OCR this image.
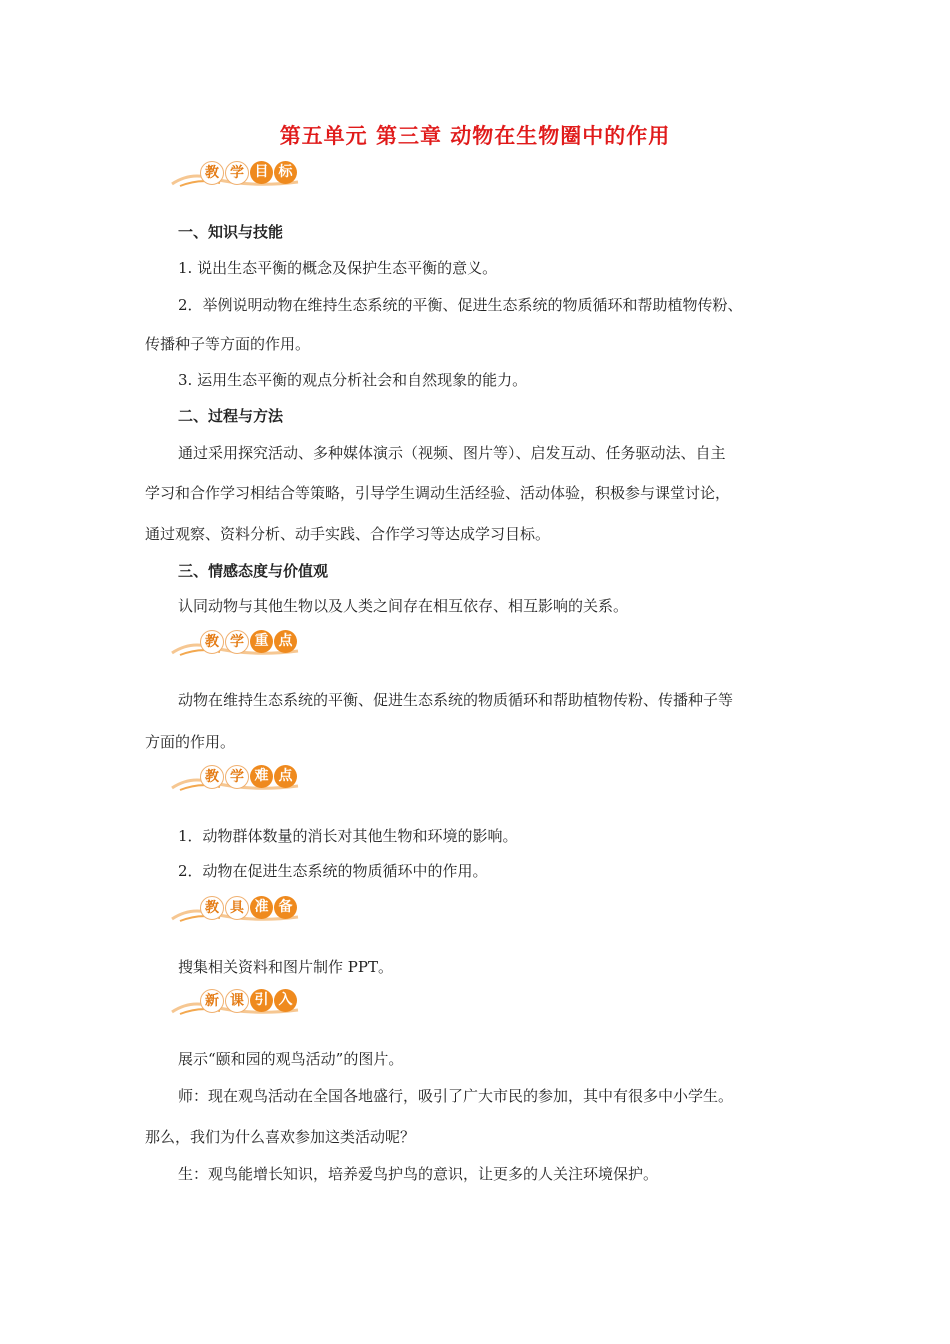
第五单元 第三章 动物在生物圈中的作用
教 学 目 标
一、知识与技能
1. 说出生态平衡的概念及保护生态平衡的意义。
2．举例说明动物在维持生态系统的平衡、促进生态系统的物质循环和帮助植物传粉、
传播种子等方面的作用。
3. 运用生态平衡的观点分析社会和自然现象的能力。
二、过程与方法
通过采用探究活动、多种媒体演示（视频、图片等）、启发互动、任务驱动法、自主
学习和合作学习相结合等策略，引导学生调动生活经验、活动体验，积极参与课堂讨论，
通过观察、资料分析、动手实践、合作学习等达成学习目标。
三、情感态度与价值观
认同动物与其他生物以及人类之间存在相互依存、相互影响的关系。
教 学 重 点
动物在维持生态系统的平衡、促进生态系统的物质循环和帮助植物传粉、传播种子等
方面的作用。
教 学 难 点
1．动物群体数量的消长对其他生物和环境的影响。
2．动物在促进生态系统的物质循环中的作用。
教 具 准 备
搜集相关资料和图片制作 PPT。
新 课 引 入
展示“颐和园的观鸟活动”的图片。
师：现在观鸟活动在全国各地盛行，吸引了广大市民的参加，其中有很多中小学生。
那么，我们为什么喜欢参加这类活动呢？
生：观鸟能增长知识，培养爱鸟护鸟的意识，让更多的人关注环境保护。
